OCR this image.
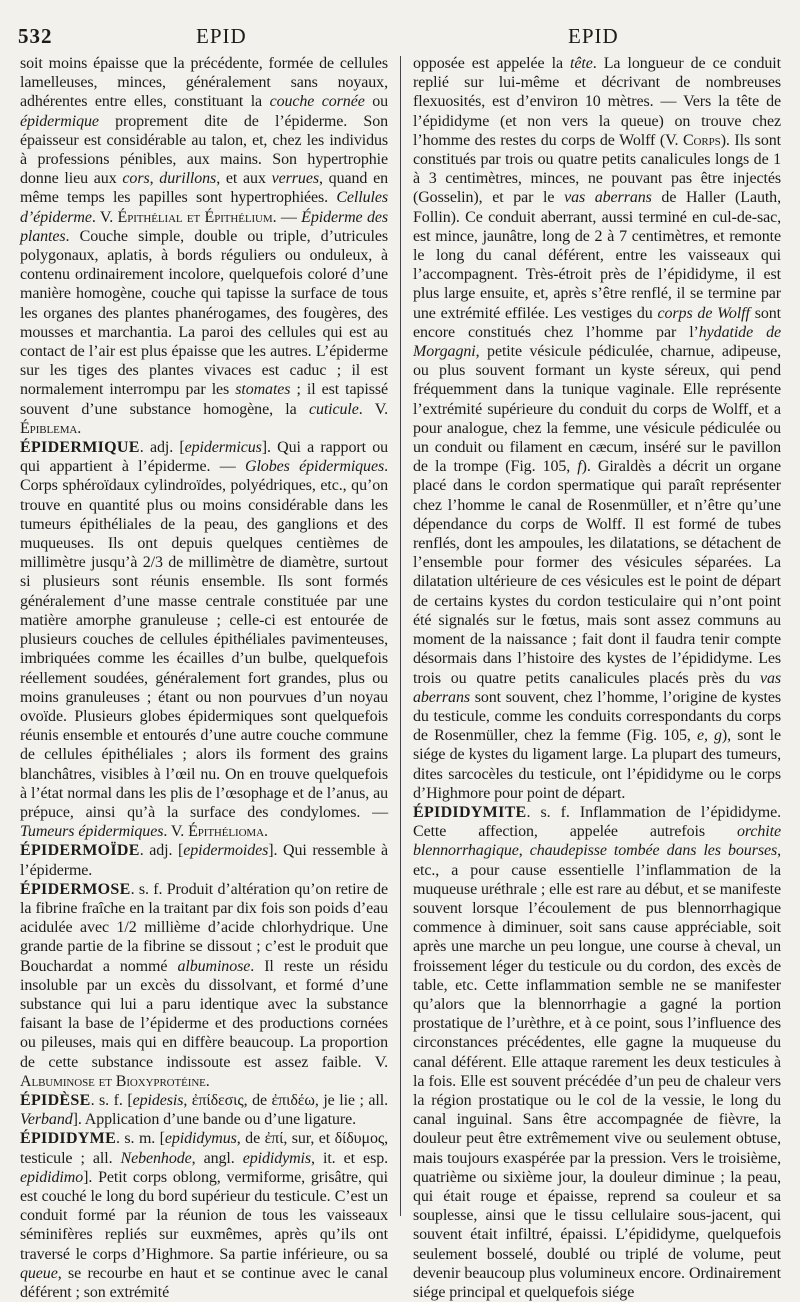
532	EPID	EPID

soit moins épaisse que la précédente, formée de cellules lamelleuses, minces, généralement sans noyaux, adhérentes entre elles, constituant la couche cornée ou épidermique proprement dite de l’épiderme. Son épaisseur est considérable au talon, et, chez les individus à professions pénibles, aux mains. Son hypertrophie donne lieu aux cors, durillons, et aux verrues, quand en même temps les papilles sont hypertrophiées. Cellules d’épiderme. V. Épithélial et Épithélium. — Épiderme des plantes. Couche simple, double ou triple, d’utricules polygonaux, aplatis, à bords réguliers ou onduleux, à contenu ordinairement incolore, quelquefois coloré d’une manière homogène, couche qui tapisse la surface de tous les organes des plantes phanérogames, des fougères, des mousses et marchantia. La paroi des cellules qui est au contact de l’air est plus épaisse que les autres. L’épiderme sur les tiges des plantes vivaces est caduc ; il est normalement interrompu par les stomates ; il est tapissé souvent d’une substance homogène, la cuticule. V. Épiblema.

ÉPIDERMIQUE. adj. [epidermicus]. Qui a rapport ou qui appartient à l’épiderme. — Globes épidermiques. Corps sphéroïdaux cylindroïdes, polyédriques, etc., qu’on trouve en quantité plus ou moins considérable dans les tumeurs épithéliales de la peau, des ganglions et des muqueuses. Ils ont depuis quelques centièmes de millimètre jusqu’à 2/3 de millimètre de diamètre, surtout si plusieurs sont réunis ensemble. Ils sont formés généralement d’une masse centrale constituée par une matière amorphe granuleuse ; celle-ci est entourée de plusieurs couches de cellules épithéliales pavimenteuses, imbriquées comme les écailles d’un bulbe, quelquefois réellement soudées, généralement fort grandes, plus ou moins granuleuses ; étant ou non pourvues d’un noyau ovoïde. Plusieurs globes épidermiques sont quelquefois réunis ensemble et entourés d’une autre couche commune de cellules épithéliales ; alors ils forment des grains blanchâtres, visibles à l’œil nu. On en trouve quelquefois à l’état normal dans les plis de l’œsophage et de l’anus, au prépuce, ainsi qu’à la surface des condylomes. — Tumeurs épidermiques. V. Épithélioma.

ÉPIDERMOÏDE. adj. [epidermoides]. Qui ressemble à l’épiderme.

ÉPIDERMOSE. s. f. Produit d’altération qu’on retire de la fibrine fraîche en la traitant par dix fois son poids d’eau acidulée avec 1/2 millième d’acide chlorhydrique. Une grande partie de la fibrine se dissout ; c’est le produit que Bouchardat a nommé albuminose. Il reste un résidu insoluble par un excès du dissolvant, et formé d’une substance qui lui a paru identique avec la substance faisant la base de l’épiderme et des productions cornées ou pileuses, mais qui en diffère beaucoup. La proportion de cette substance indissoute est assez faible. V. Albuminose et Bioxyprotéine.

ÉPIDÈSE. s. f. [epidesis, ἐπίδεσις, de ἐπιδέω, je lie ; all. Verband]. Application d’une bande ou d’une ligature.

ÉPIDIDYME. s. m. [epididymus, de ἐπί, sur, et δίδυμος, testicule ; all. Nebenhode, angl. epididymis, it. et esp. epididimo]. Petit corps oblong, vermiforme, grisâtre, qui est couché le long du bord supérieur du testicule. C’est un conduit formé par la réunion de tous les vaisseaux séminifères repliés sur euxmêmes, après qu’ils ont traversé le corps d’Highmore. Sa partie inférieure, ou sa queue, se recourbe en haut et se continue avec le canal déférent ; son extrémité

opposée est appelée la tête. La longueur de ce conduit replié sur lui-même et décrivant de nombreuses flexuosités, est d’environ 10 mètres. — Vers la tête de l’épididyme (et non vers la queue) on trouve chez l’homme des restes du corps de Wolff (V. Corps). Ils sont constitués par trois ou quatre petits canalicules longs de 1 à 3 centimètres, minces, ne pouvant pas être injectés (Gosselin), et par le vas aberrans de Haller (Lauth, Follin). Ce conduit aberrant, aussi terminé en cul-de-sac, est mince, jaunâtre, long de 2 à 7 centimètres, et remonte le long du canal déférent, entre les vaisseaux qui l’accompagnent. Très-étroit près de l’épididyme, il est plus large ensuite, et, après s’être renflé, il se termine par une extrémité effilée. Les vestiges du corps de Wolff sont encore constitués chez l’homme par l’hydatide de Morgagni, petite vésicule pédiculée, charnue, adipeuse, ou plus souvent formant un kyste séreux, qui pend fréquemment dans la tunique vaginale. Elle représente l’extrémité supérieure du conduit du corps de Wolff, et a pour analogue, chez la femme, une vésicule pédiculée ou un conduit ou filament en cæcum, inséré sur le pavillon de la trompe (Fig. 105, f). Giraldès a décrit un organe placé dans le cordon spermatique qui paraît représenter chez l’homme le canal de Rosenmüller, et n’être qu’une dépendance du corps de Wolff. Il est formé de tubes renflés, dont les ampoules, les dilatations, se détachent de l’ensemble pour former des vésicules séparées. La dilatation ultérieure de ces vésicules est le point de départ de certains kystes du cordon testiculaire qui n’ont point été signalés sur le fœtus, mais sont assez communs au moment de la naissance ; fait dont il faudra tenir compte désormais dans l’histoire des kystes de l’épididyme. Les trois ou quatre petits canalicules placés près du vas aberrans sont souvent, chez l’homme, l’origine de kystes du testicule, comme les conduits correspondants du corps de Rosenmüller, chez la femme (Fig. 105, e, g), sont le siége de kystes du ligament large. La plupart des tumeurs, dites sarcocèles du testicule, ont l’épididyme ou le corps d’Highmore pour point de départ.

ÉPIDIDYMITE. s. f. Inflammation de l’épididyme. Cette affection, appelée autrefois orchite blennorrhagique, chaudepisse tombée dans les bourses, etc., a pour cause essentielle l’inflammation de la muqueuse uréthrale ; elle est rare au début, et se manifeste souvent lorsque l’écoulement de pus blennorrhagique commence à diminuer, soit sans cause appréciable, soit après une marche un peu longue, une course à cheval, un froissement léger du testicule ou du cordon, des excès de table, etc. Cette inflammation semble ne se manifester qu’alors que la blennorrhagie a gagné la portion prostatique de l’urèthre, et à ce point, sous l’influence des circonstances précédentes, elle gagne la muqueuse du canal déférent. Elle attaque rarement les deux testicules à la fois. Elle est souvent précédée d’un peu de chaleur vers la région prostatique ou le col de la vessie, le long du canal inguinal. Sans être accompagnée de fièvre, la douleur peut être extrêmement vive ou seulement obtuse, mais toujours exaspérée par la pression. Vers le troisième, quatrième ou sixième jour, la douleur diminue ; la peau, qui était rouge et épaisse, reprend sa couleur et sa souplesse, ainsi que le tissu cellulaire sous-jacent, qui souvent était infiltré, épaissi. L’épididyme, quelquefois seulement bosselé, doublé ou triplé de volume, peut devenir beaucoup plus volumineux encore. Ordinairement siége principal et quelquefois siége
